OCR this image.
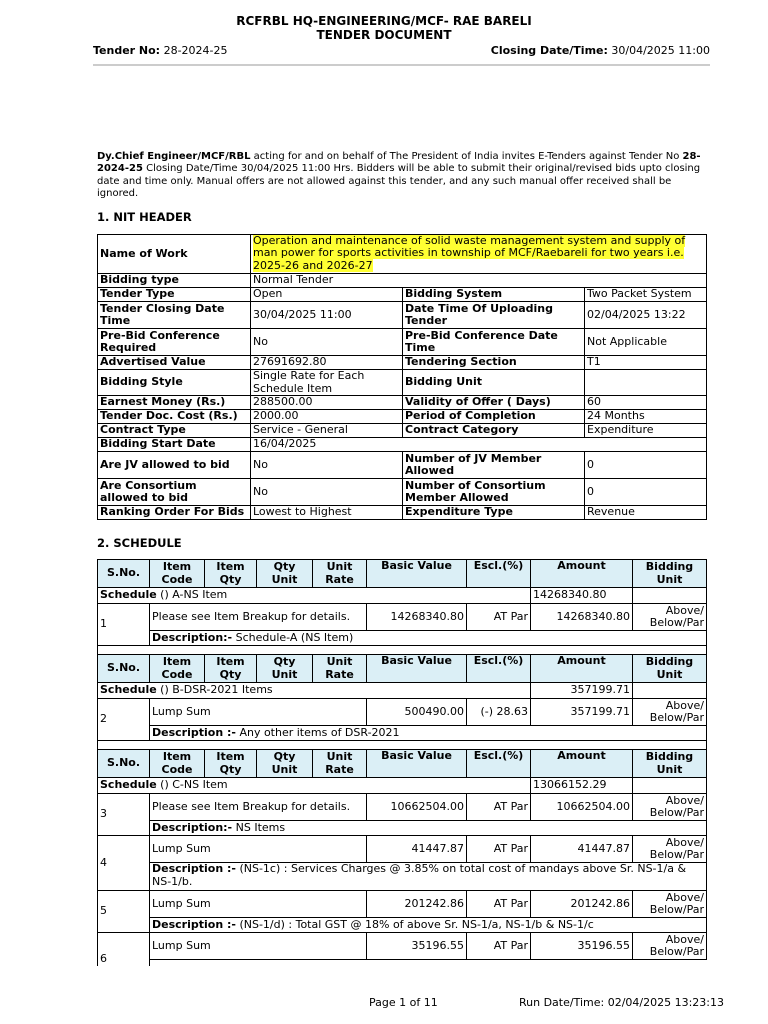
RCFRBL HQ-ENGINEERING/MCF- RAE BARELI
TENDER DOCUMENT
Tender No: 28-2024-25	Closing Date/Time: 30/04/2025 11:00
Dy.Chief Engineer/MCF/RBL acting for and on behalf of The President of India invites E-Tenders against Tender No 28-2024-25 Closing Date/Time 30/04/2025 11:00 Hrs. Bidders will be able to submit their original/revised bids upto closing date and time only. Manual offers are not allowed against this tender, and any such manual offer received shall be ignored.
1. NIT HEADER
Name of Work	Operation and maintenance of solid waste management system and supply of man power for sports activities in township of MCF/Raebareli for two years i.e. 2025-26 and 2026-27		
Bidding type	Normal Tender		
Tender Type	Open	Bidding System	Two Packet System
Tender Closing Date Time	30/04/2025 11:00	Date Time Of Uploading Tender	02/04/2025 13:22
Pre-Bid Conference Required	No	Pre-Bid Conference Date Time	Not Applicable
Advertised Value	27691692.80	Tendering Section	T1
Bidding Style	Single Rate for Each Schedule Item	Bidding Unit	
Earnest Money (Rs.)	288500.00	Validity of Offer ( Days)	60
Tender Doc. Cost (Rs.)	2000.00	Period of Completion	24 Months
Contract Type	Service - General	Contract Category	Expenditure
Bidding Start Date	16/04/2025		
Are JV allowed to bid	No	Number of JV Member Allowed	0
Are Consortium allowed to bid	No	Number of Consortium Member Allowed	0
Ranking Order For Bids	Lowest to Highest	Expenditure Type	Revenue
2. SCHEDULE
S.No.	Item Code	Item Qty	Qty Unit	Unit Rate	Basic Value	Escl.(%)	Amount	Bidding Unit
Schedule () A-NS Item							14268340.80	
1	Please see Item Breakup for details.				14268340.80	AT Par	14268340.80	Above/ Below/Par
	Description:- Schedule-A (NS Item)							

S.No.	Item Code	Item Qty	Qty Unit	Unit Rate	Basic Value	Escl.(%)	Amount	Bidding Unit
Schedule () B-DSR-2021 Items							357199.71	
2	Lump Sum				500490.00	(-) 28.63	357199.71	Above/ Below/Par
	Description :- Any other items of DSR-2021							

S.No.	Item Code	Item Qty	Qty Unit	Unit Rate	Basic Value	Escl.(%)	Amount	Bidding Unit
Schedule () C-NS Item							13066152.29	
3	Please see Item Breakup for details.				10662504.00	AT Par	10662504.00	Above/ Below/Par
	Description:- NS Items							
4	Lump Sum				41447.87	AT Par	41447.87	Above/ Below/Par
	Description :- (NS-1c) : Services Charges @ 3.85% on total cost of mandays above Sr. NS-1/a & NS-1/b.							
5	Lump Sum				201242.86	AT Par	201242.86	Above/ Below/Par
	Description :- (NS-1/d) : Total GST @ 18% of above Sr. NS-1/a, NS-1/b & NS-1/c							
6	Lump Sum				35196.55	AT Par	35196.55	Above/ Below/Par

Page 1 of 11	Run Date/Time: 02/04/2025 13:23:13
